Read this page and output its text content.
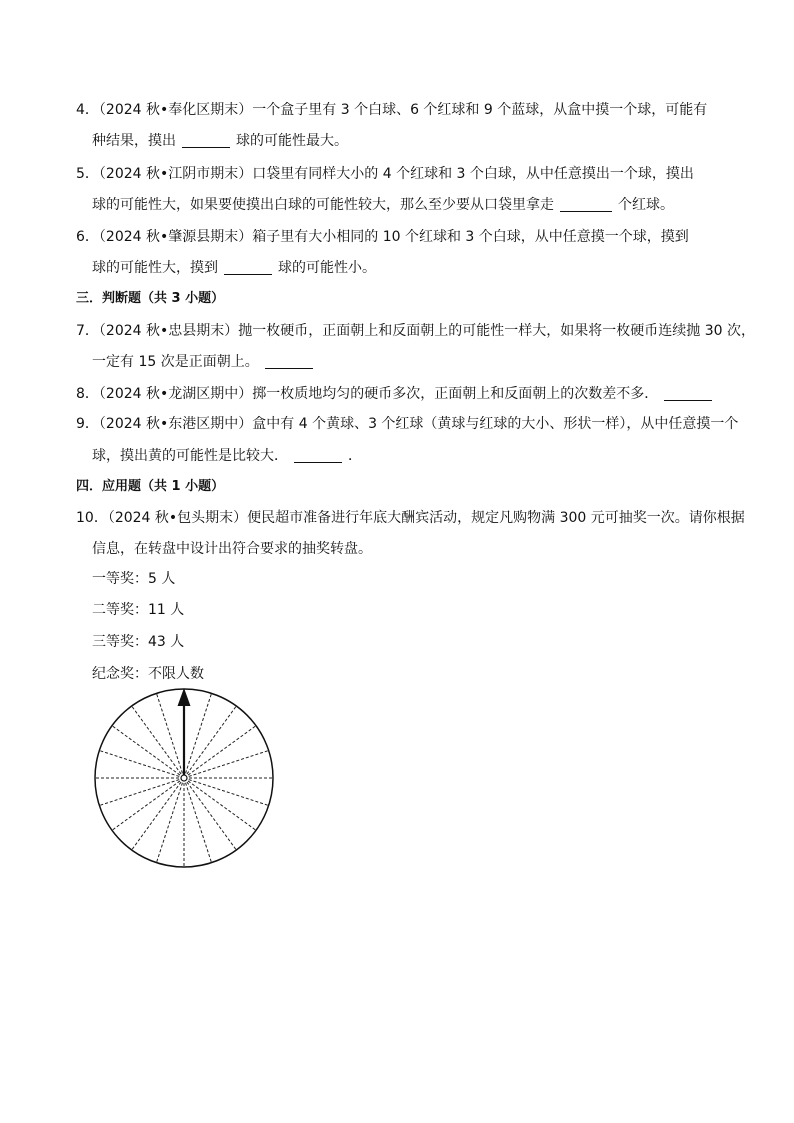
4．（2024 秋•奉化区期末）一个盒子里有 3 个白球、6 个红球和 9 个蓝球，从盒中摸一个球，可能有
种结果，摸出	球的可能性最大。
5．（2024 秋•江阴市期末）口袋里有同样大小的 4 个红球和 3 个白球，从中任意摸出一个球，摸出
球的可能性大，如果要使摸出白球的可能性较大，那么至少要从口袋里拿走	个红球。
6．（2024 秋•肇源县期末）箱子里有大小相同的 10 个红球和 3 个白球，从中任意摸一个球，摸到
球的可能性大，摸到	球的可能性小。
三．判断题（共 3 小题）
7．（2024 秋•忠县期末）抛一枚硬币，正面朝上和反面朝上的可能性一样大，如果将一枚硬币连续抛 30 次，
一定有 15 次是正面朝上。
8．（2024 秋•龙湖区期中）掷一枚质地均匀的硬币多次，正面朝上和反面朝上的次数差不多．
9．（2024 秋•东港区期中）盒中有 4 个黄球、3 个红球（黄球与红球的大小、形状一样），从中任意摸一个
球，摸出黄的可能性是比较大．	．
四．应用题（共 1 小题）
10．（2024 秋•包头期末）便民超市准备进行年底大酬宾活动，规定凡购物满 300 元可抽奖一次。请你根据
信息，在转盘中设计出符合要求的抽奖转盘。
一等奖：5 人
二等奖：11 人
三等奖：43 人
纪念奖：不限人数
